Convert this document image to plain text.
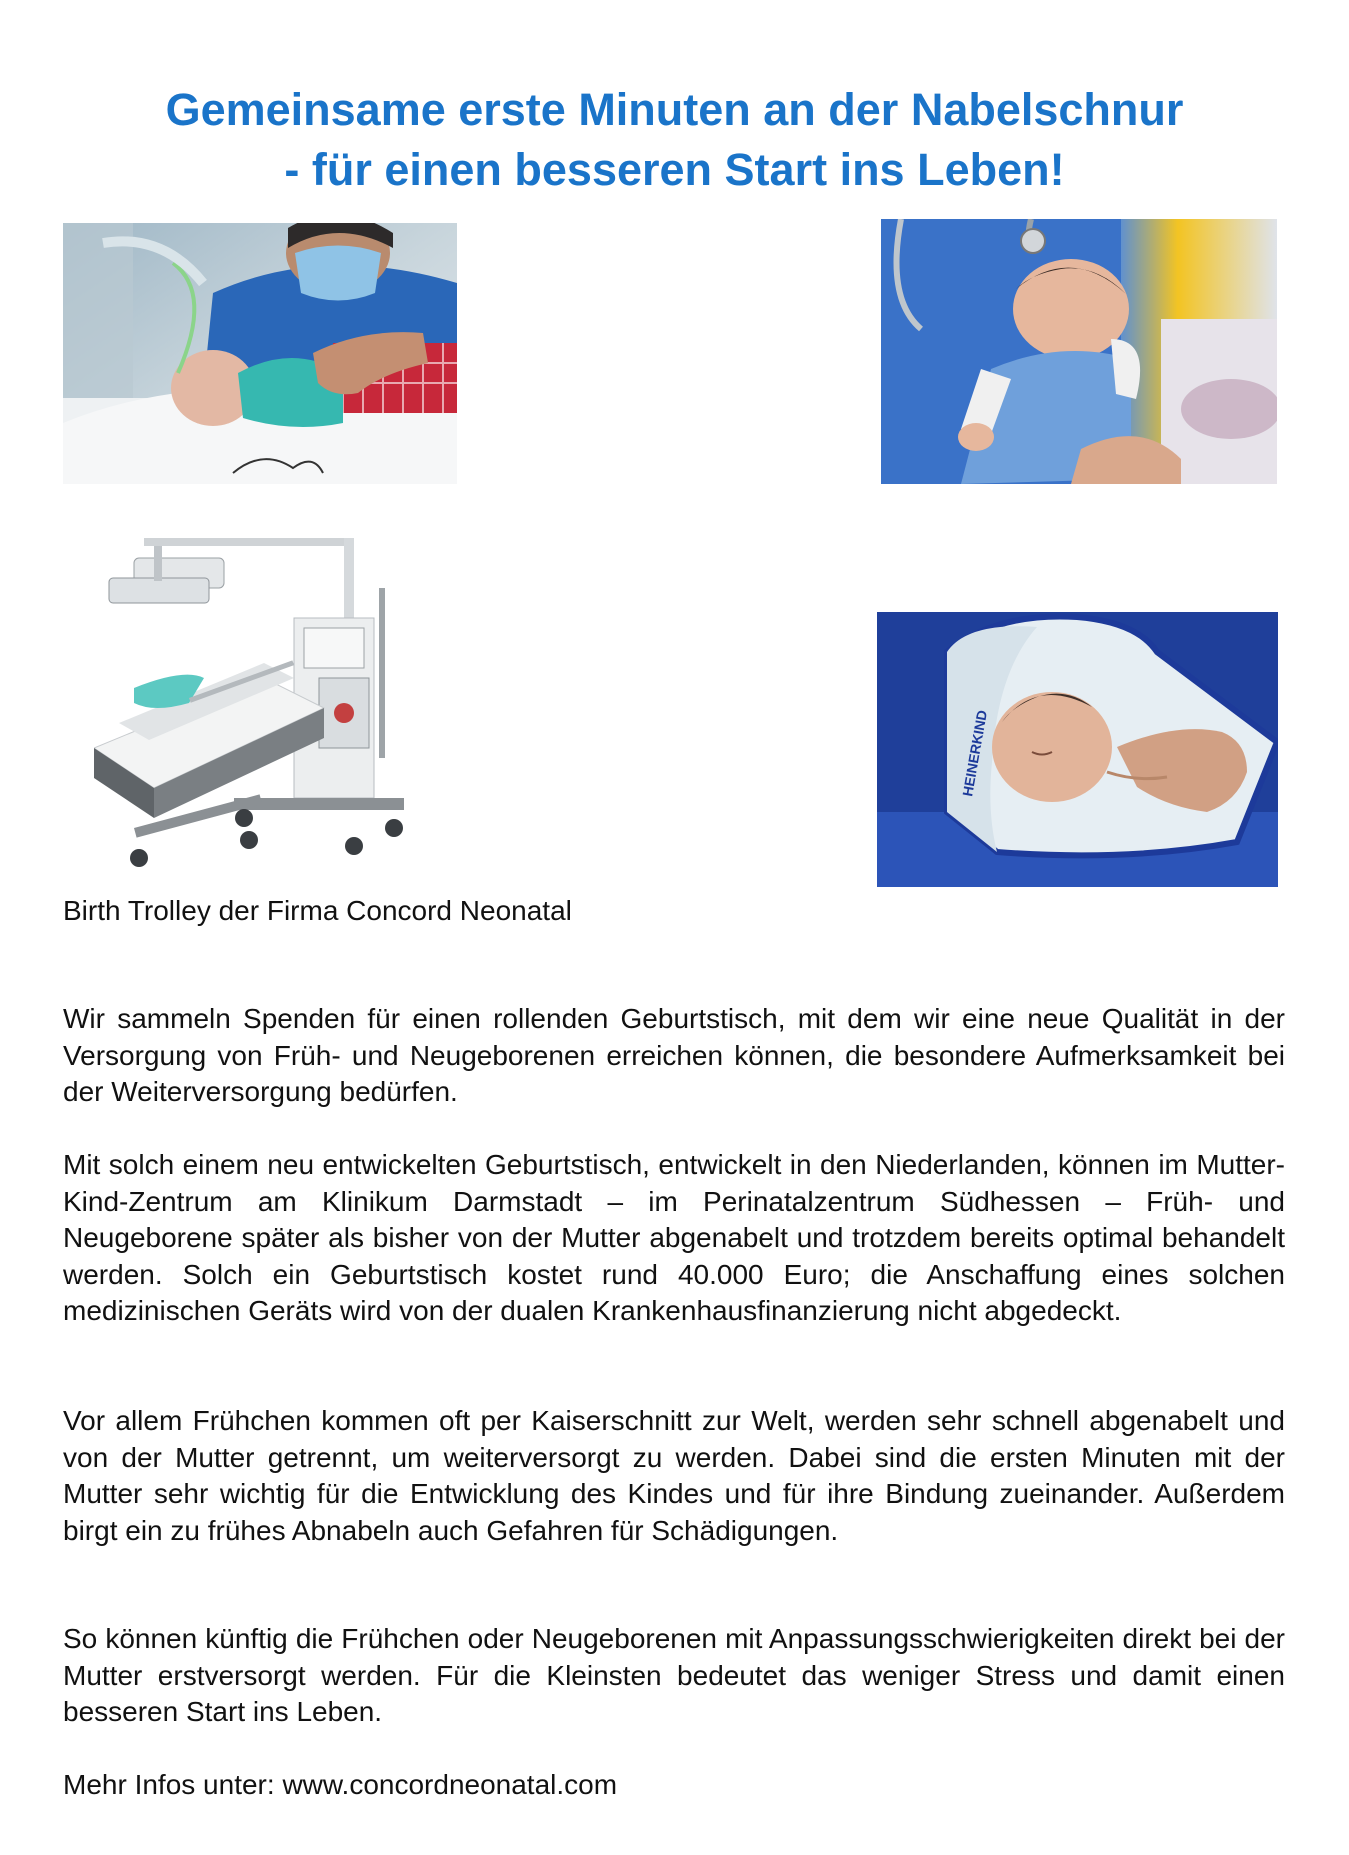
Gemeinsame erste Minuten an der Nabelschnur
- für einen besseren Start ins Leben!
HEINERKIND
Birth Trolley der Firma Concord Neonatal

Wir sammeln Spenden für einen rollenden Geburtstisch, mit dem wir eine neue Qualität in der Versorgung von Früh- und Neugeborenen erreichen können, die besondere Aufmerksamkeit bei der Weiterversorgung bedürfen.

Mit solch einem neu entwickelten Geburtstisch, entwickelt in den Niederlanden, können im Mutter-Kind-Zentrum am Klinikum Darmstadt – im Perinatalzentrum Südhessen – Früh- und Neugeborene später als bisher von der Mutter abgenabelt und trotzdem bereits optimal behandelt werden. Solch ein Geburtstisch kostet rund 40.000 Euro; die Anschaffung eines solchen medizinischen Geräts wird von der dualen Krankenhausfinanzierung nicht abgedeckt.

Vor allem Frühchen kommen oft per Kaiserschnitt zur Welt, werden sehr schnell abgenabelt und von der Mutter getrennt, um weiterversorgt zu werden. Dabei sind die ersten Minuten mit der Mutter sehr wichtig für die Entwicklung des Kindes und für ihre Bindung zueinander. Außerdem birgt ein zu frühes Abnabeln auch Gefahren für Schädigungen.

So können künftig die Frühchen oder Neugeborenen mit Anpassungsschwierigkeiten direkt bei der Mutter erstversorgt werden. Für die Kleinsten bedeutet das weniger Stress und damit einen besseren Start ins Leben.

Mehr Infos unter: www.concordneonatal.com
